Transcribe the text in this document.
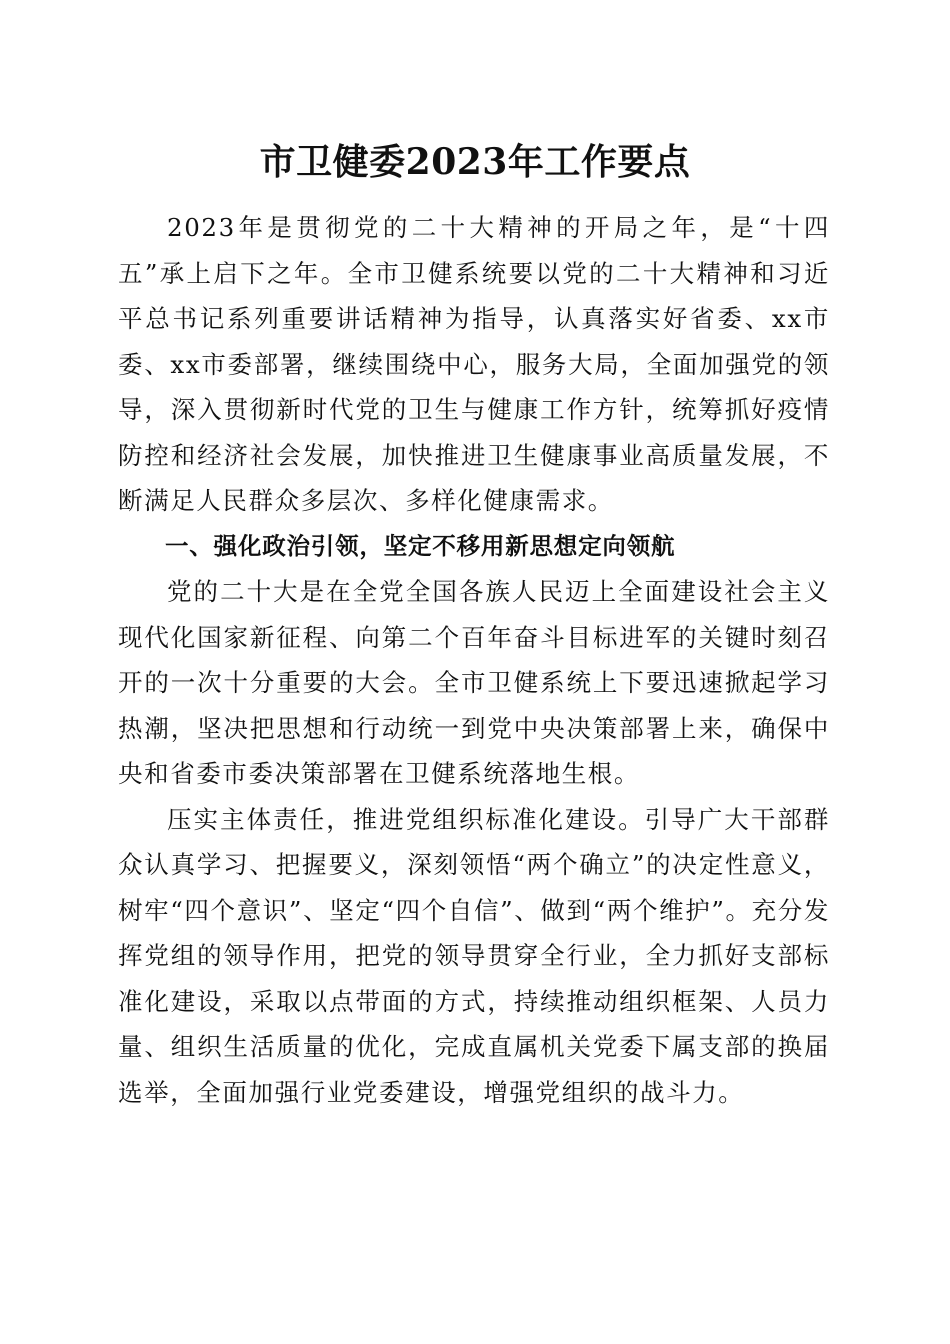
市卫健委2023年工作要点

2023年是贯彻党的二十大精神的开局之年，是“十四五”承上启下之年。全市卫健系统要以党的二十大精神和习近平总书记系列重要讲话精神为指导，认真落实好省委、xx市委、xx市委部署，继续围绕中心，服务大局，全面加强党的领导，深入贯彻新时代党的卫生与健康工作方针，统筹抓好疫情防控和经济社会发展，加快推进卫生健康事业高质量发展，不断满足人民群众多层次、多样化健康需求。

一、强化政治引领，坚定不移用新思想定向领航

党的二十大是在全党全国各族人民迈上全面建设社会主义现代化国家新征程、向第二个百年奋斗目标进军的关键时刻召开的一次十分重要的大会。全市卫健系统上下要迅速掀起学习热潮，坚决把思想和行动统一到党中央决策部署上来，确保中央和省委市委决策部署在卫健系统落地生根。

压实主体责任，推进党组织标准化建设。引导广大干部群众认真学习、把握要义，深刻领悟“两个确立”的决定性意义，树牢“四个意识”、坚定“四个自信”、做到“两个维护”。充分发挥党组的领导作用，把党的领导贯穿全行业，全力抓好支部标准化建设，采取以点带面的方式，持续推动组织框架、人员力量、组织生活质量的优化，完成直属机关党委下属支部的换届选举，全面加强行业党委建设，增强党组织的战斗力。
